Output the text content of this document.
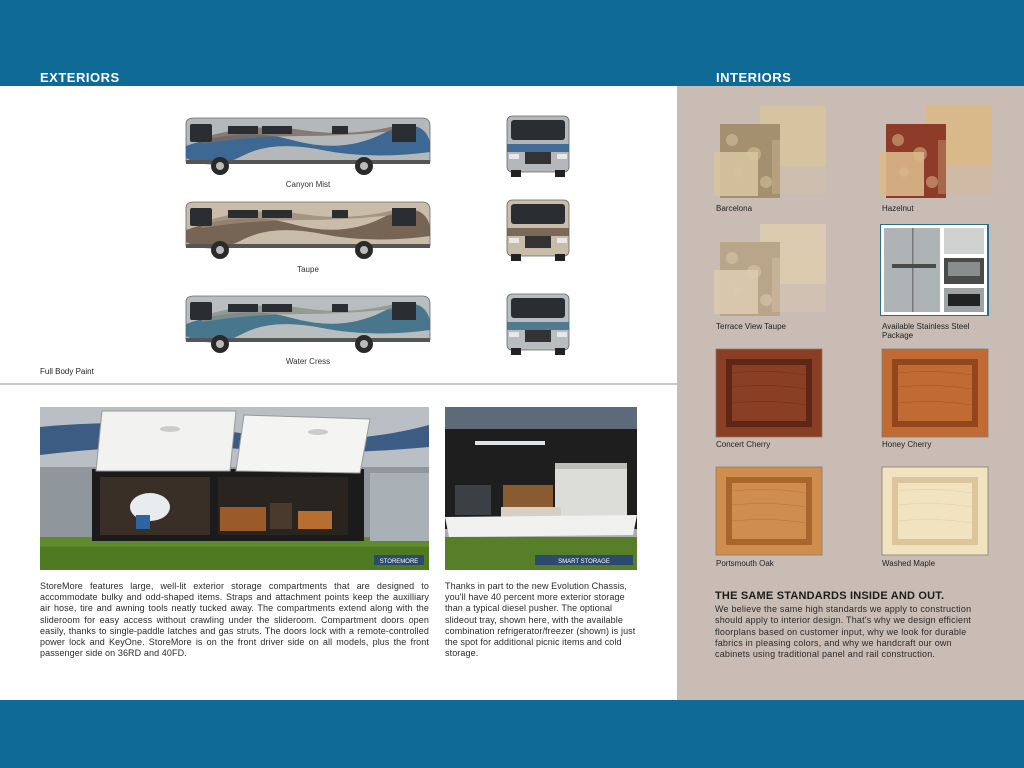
EXTERIORS	INTERIORS
Canyon Mist
Taupe
Water Cress
Full Body Paint
STOREMORE	SMART STORAGE
StoreMore features large, well-lit exterior storage compartments that are designed to accommodate bulky and odd-shaped items. Straps and attachment points keep the auxilliary air hose, tire and awning tools neatly tucked away. The compartments extend along with the slideroom for easy access without crawling under the slideroom. Compartment doors open easily, thanks to single-paddle latches and gas struts. The doors lock with a remote-controlled power lock and KeyOne. StoreMore is on the front driver side on all models, plus the front passenger side on 36RD and 40FD.
Thanks in part to the new Evolution Chassis, you'll have 40 percent more exterior storage than a typical diesel pusher. The optional slideout tray, shown here, with the available combination refrigerator/freezer (shown) is just the spot for additional picnic items and cold storage.
Barcelona	Hazelnut
Terrace View Taupe	Available Stainless Steel Package
Concert Cherry	Honey Cherry
Portsmouth Oak	Washed Maple
THE SAME STANDARDS INSIDE AND OUT.
We believe the same high standards we apply to construction should apply to interior design. That's why we design efficient floorplans based on customer input, why we look for durable fabrics in pleasing colors, and why we handcraft our own cabinets using traditional panel and rail construction.
